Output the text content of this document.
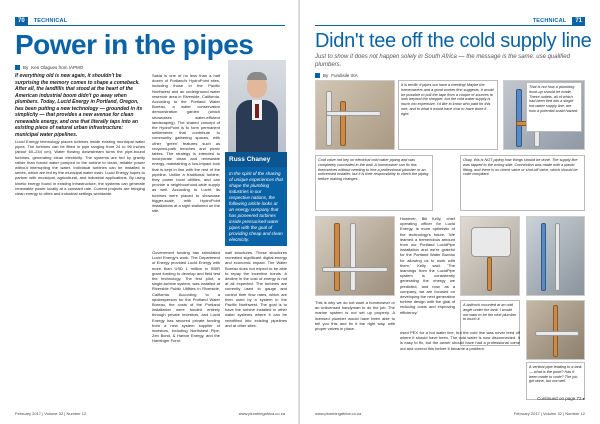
70	TECHNICAL
Power in the pipes
By Ken Olagues from IAPMO
If everything old is new again, it shouldn't be surprising the memory comes to shape a comeback. After all, the landfills that stood at the heart of the American industrial boom didn't go away when plumbers. Today, Lucid Energy in Portland, Oregon, has been putting a new technology — grounded in its simplicity — that provides a new avenue for clean renewable energy, and one that literally taps into an existing piece of natural urban infrastructure: municipal water pipelines.
Lucid Energy technology places turbines inside existing municipal water pipes. The turbines can be fitted in pipe ranging from 24 to 96 inches (about 60–244 cm). Water flowing downstream turns the pipe-bound turbines, generating clean electricity. The systems are fed by gravity rather than forced water pumped to the turbine to clean, reliable power without interrupting the water. Individual turbines can be installed in series, which are fed by the municipal water main. Lucid Energy hopes to partner with municipal, agricultural, and industrial applications. By using kinetic energy found in existing infrastructure, the systems can generate renewable power locally at a constant rate. Current projects are bringing clean energy to cities and industrial settings worldwide.
Sakia is one of no less than a half dozen of Portland's HydroPoint sites, including those in the Pacific Northwest and an underground water reservoir area in Riverside, California. According to the Portland Water Bureau, a water conservation demonstration garden (which showcases water-efficient landscaping). The shared concept of the HydroPoint is to form permanent settlements that contribute to community gathering spaces, with other 'green' features such as recycled-path benches and picnic tables. The strategy is intended to incorporate clean and renewable energy, maintaining a low-impact look that is kept in line with the rest of the pipeline. Unlike a traditional turbine, they power local utilities, and can provide a neighbourhood-wide supply as well. According to Lucid, its turbines were placed to showcase bigger-scale, with HydroPoint installations at a sight stationed on the site.
Government funding has stimulated Lucid Energy's work. The Department of Energy provided Lucid Energy with more than USD 1 million in SBIR grant funding to develop and field test the technology. The first pilot, a single-turbine system, was installed at Riverside Public Utilities in Riverside, California. According to a spokesperson for the Portland Water Bureau, the costs of the Portland installation were funded entirely through private investors, and Lucid Energy has secured private funding from a new system supplier of investors, including Northwest Pipe, Zen Bond, & Harbor Energy, and the Harbinger Fund.
wall structures. These structures recreated significant digital-energy and economic impact. The Water Bureau does not expect to be able to repay the incentive bonds. A decline in the cost of energy is not at all expected. The turbines are currently used to gauge and control their flow rates, which are then used by a system in the Pacific Northwest. The goal is to have the turbine installed in other water systems where it can be retrofitted into existing pipelines and at other sites.
Russ Chaney
In the spirit of the sharing of unique experiences that shape the plumbing industries in our respective nations, the following article looks at an energy company that has pioneered turbines inside pressurised water pipes with the goal of providing cheap and clean electricity.
February 2017 | Volume 32 | Number 12	www.plumbingafrica.co.za
TECHNICAL	71
Didn't tee off the cold supply line
Just to show it does not happen solely in South Africa — the message is the same: use qualified plumbers.
By Fundisile ISA
It is terrific if pipes out have a meeting! Maybe the homeowners and a good worker first suggests, it would be possible to pull the tape from a couple of sources to look beyond the shopper, but the cold water supply is much too expensive. I'd like to know who paid for this one, and to what it would have cost to have done it right.
That is not how a plumbing hook-up should be made. These outlets, all of which had been tied into a single hot-water supply line, are now a potential scald hazard.
Cold valve not key on electrical cold water piping and was completely concealed in the wall. A homeowner can fix this themselves without needing to hire a professional plumber or an unlicensed installer, but it is their responsibility to check the piping before making changes.
Okay, this is NOT piping how things should be done. The supply line was tapped to the wrong side. Connection was made with a plastic fitting, and there is no check valve or shut-off valve, which should be code compliant.
However, Bill Kelly, chief operating officer for Lucid Energy, is more optimistic of the technology's future. 'We learned a tremendous amount from our Portland LucidPipe installation and we're grateful for the Portland Water Bureau for allowing us to work with them,' Kelly said. 'The learnings from the LucidPipe system is consistently generating the energy we predicted, and now, as a company, we are focused on developing the next generation turbine design with the goal of reducing costs and improving efficiency.'
A ballcock mounted at an odd angle under the tank. I would not want to be the next plumber to touch it.
A vertical pipe leading to a tank — what is the point? Has it been made to code? The job got done, but not well.
This is why we do not want a homeowner or an unlicensed handyman to do the job. The marine system is not set up properly. A licensed plumber would have been able to tell you this and fix it the right way, with proper valves in place.
used PEX for a hot water line, but the cold line was never teed off where it should have been. The cold water is now disconnected. It is easy to fix, but the owner should have had a professional come out and correct this before it became a problem.
Continued on page 72 ▸
www.plumbingafrica.co.za	February 2017 | Volume 32 | Number 12
